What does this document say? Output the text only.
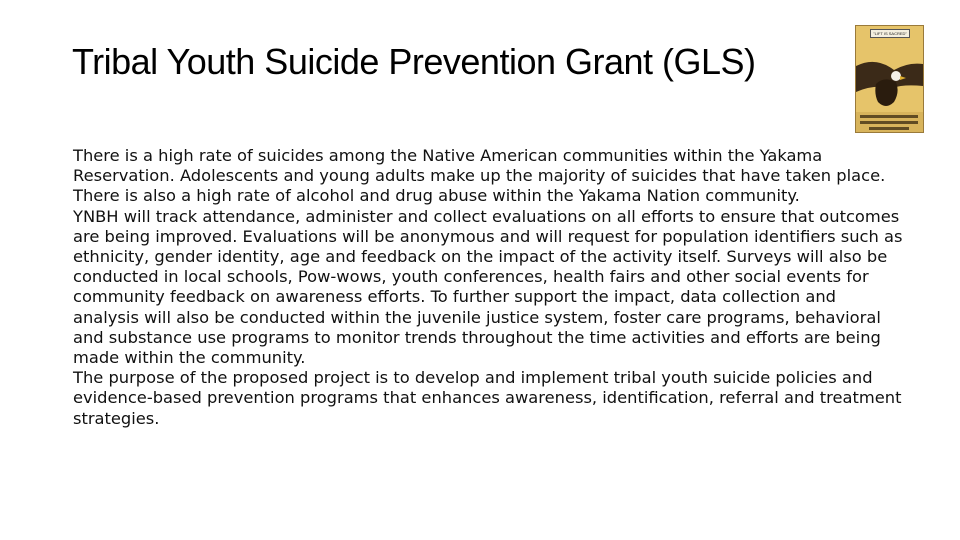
Tribal Youth Suicide Prevention Grant (GLS)
"LIFT IS SACRED"

There is a high rate of suicides among the Native American communities within the Yakama Reservation. Adolescents and young adults make up the majority of suicides that have taken place. There is also a high rate of alcohol and drug abuse within the Yakama Nation community.

YNBH will track attendance, administer and collect evaluations on all efforts to ensure that outcomes are being improved. Evaluations will be anonymous and will request for population identifiers such as ethnicity, gender identity, age and feedback on the impact of the activity itself. Surveys will also be conducted in local schools, Pow-wows, youth conferences, health fairs and other social events for community feedback on awareness efforts. To further support the impact, data collection and analysis will also be conducted within the juvenile justice system, foster care programs, behavioral and substance use programs to monitor trends throughout the time activities and efforts are being made within the community.

The purpose of the proposed project is to develop and implement tribal youth suicide policies and evidence-based prevention programs that enhances awareness, identification, referral and treatment strategies.
